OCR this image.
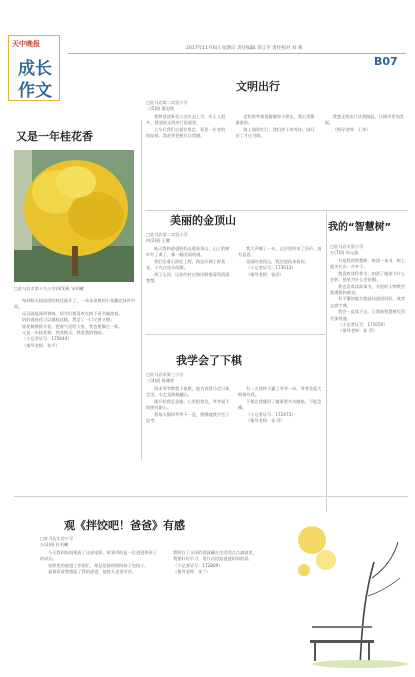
天中晚报
成长
作文
2017年11月6日 星期日 责任编辑 李江平 责任校对 刘 燕
B07
文明出行
□驻马店第二实验小学
二(5)班 董思瑶
我和爸爸乘坐公交车去上学，车上人很多，爸爸说文明出行很重要。
上车后我们自觉往里走，看见一位老奶奶站着，我赶紧把座位让给她。
老奶奶笑着说谢谢你小朋友，我心里甜滋滋的。
路上遇到红灯，我们停下来等待，绿灯亮了才过马路。
我想文明出行从我做起，让城市更加美丽。
（指导老师：王华）
又是一年桂花香
□驻马店市第十九小学四(5)班 宋明曦
每到秋天校园里的桂花就开了，一朵朵金黄的小花藏在绿叶中间。
远远就能闻到香味，同学们都喜欢在树下看书做游戏。
妈妈说桂花可以做桂花糕，我尝了一口又香又甜。
桂花树默默开花，把香气送给大家，我也要像它一样。
又是一年桂花香，我爱秋天，我爱我的校园。
（小记者证号：175644）
（指导老师：张平）
美丽的金顶山
□驻马店第二实验小学
四(2)班 王鹏
秋天我和爸爸妈妈去爬金顶山，山上的树叶红了黄了，像一幅美丽的画。
我们沿着石阶往上爬，路边开满了野菊花，小鸟在枝头唱歌。
到了山顶，远处的村庄和田野都看得清清楚楚。
我大声喊了一句，山谷里传来了回声，真有意思。
美丽的金顶山，我还想再来看你。
（小记者证号：173013）
（指导老师：张萍）
我的“智慧树”
□驻马店实验小学
五(7)班 周元喆
书是我的智慧树，每读一本书，树上就多长出一片叶子。
我喜欢读科普书，知道了地球为什么会转，星星为什么会眨眼。
我也喜欢读故事书，书里的人物教会我勇敢和善良。
有不懂的地方我就问爸爸妈妈，或者去查字典。
我会一直读下去，让我的智慧树长得更加茂盛。
（小记者证号：171050）
（指导老师：孙 萍）
我学会了下棋
□驻马店市第三小学
三(4)班 杨雅婷
周末爷爷教我下象棋，他告诉我马走日象走田，车走直路炮翻山。
刚开始我总是输，心里很着急，爷爷说下棋要有耐心。
我每天都和爷爷下一盘，慢慢地我学会了思考。
有一天我终于赢了爷爷一局，爷爷竖起大拇指夸我。
下棋让我懂得了做事要多动脑筋，不能急躁。
（小记者证号：172473）
（指导老师：孙 萍）
观《拌饺吧！爸爸》有感
□驻马店实验小学
五(2)班 杜若曦
今天我和妈妈观看了这部电影，故事讲的是一位爸爸和孩子的成长。
电影里的爸爸工作很忙，却总是抽时间陪孩子包饺子。
看着看着我想起了我的爸爸，他每天也很辛苦。
我明白了父母的爱就藏在生活的点点滴滴里。
我要好好学习，用行动回报爸爸妈妈的爱。
（小记者证号：172809）
（指导老师：朱兰）
